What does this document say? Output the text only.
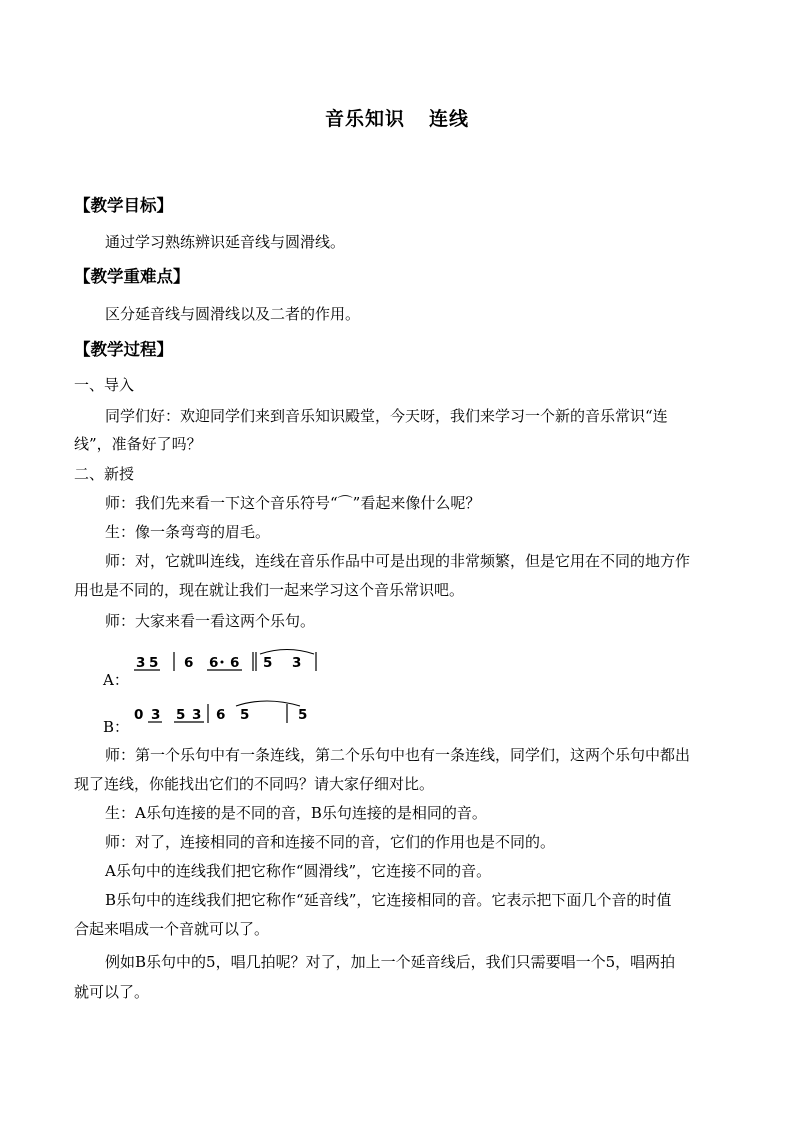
音乐知识 连线
【教学目标】
通过学习熟练辨识延音线与圆滑线。
【教学重难点】
区分延音线与圆滑线以及二者的作用。
【教学过程】
一、导入
同学们好：欢迎同学们来到音乐知识殿堂，今天呀，我们来学习一个新的音乐常识“连
线”，准备好了吗？
二、新授
师：我们先来看一下这个音乐符号“⌒”看起来像什么呢？
生：像一条弯弯的眉毛。
师：对，它就叫连线，连线在音乐作品中可是出现的非常频繁，但是它用在不同的地方作
用也是不同的，现在就让我们一起来学习这个音乐常识吧。
师：大家来看一看这两个乐句。
A：
3 5 6 6 6 5 3
B：
0 3 5 3 6 5	5
师：第一个乐句中有一条连线，第二个乐句中也有一条连线，同学们，这两个乐句中都出
现了连线，你能找出它们的不同吗？请大家仔细对比。
生：A乐句连接的是不同的音，B乐句连接的是相同的音。
师：对了，连接相同的音和连接不同的音，它们的作用也是不同的。
A乐句中的连线我们把它称作“圆滑线”，它连接不同的音。
B乐句中的连线我们把它称作“延音线”，它连接相同的音。它表示把下面几个音的时值
合起来唱成一个音就可以了。
例如B乐句中的5，唱几拍呢？对了，加上一个延音线后，我们只需要唱一个5，唱两拍
就可以了。
